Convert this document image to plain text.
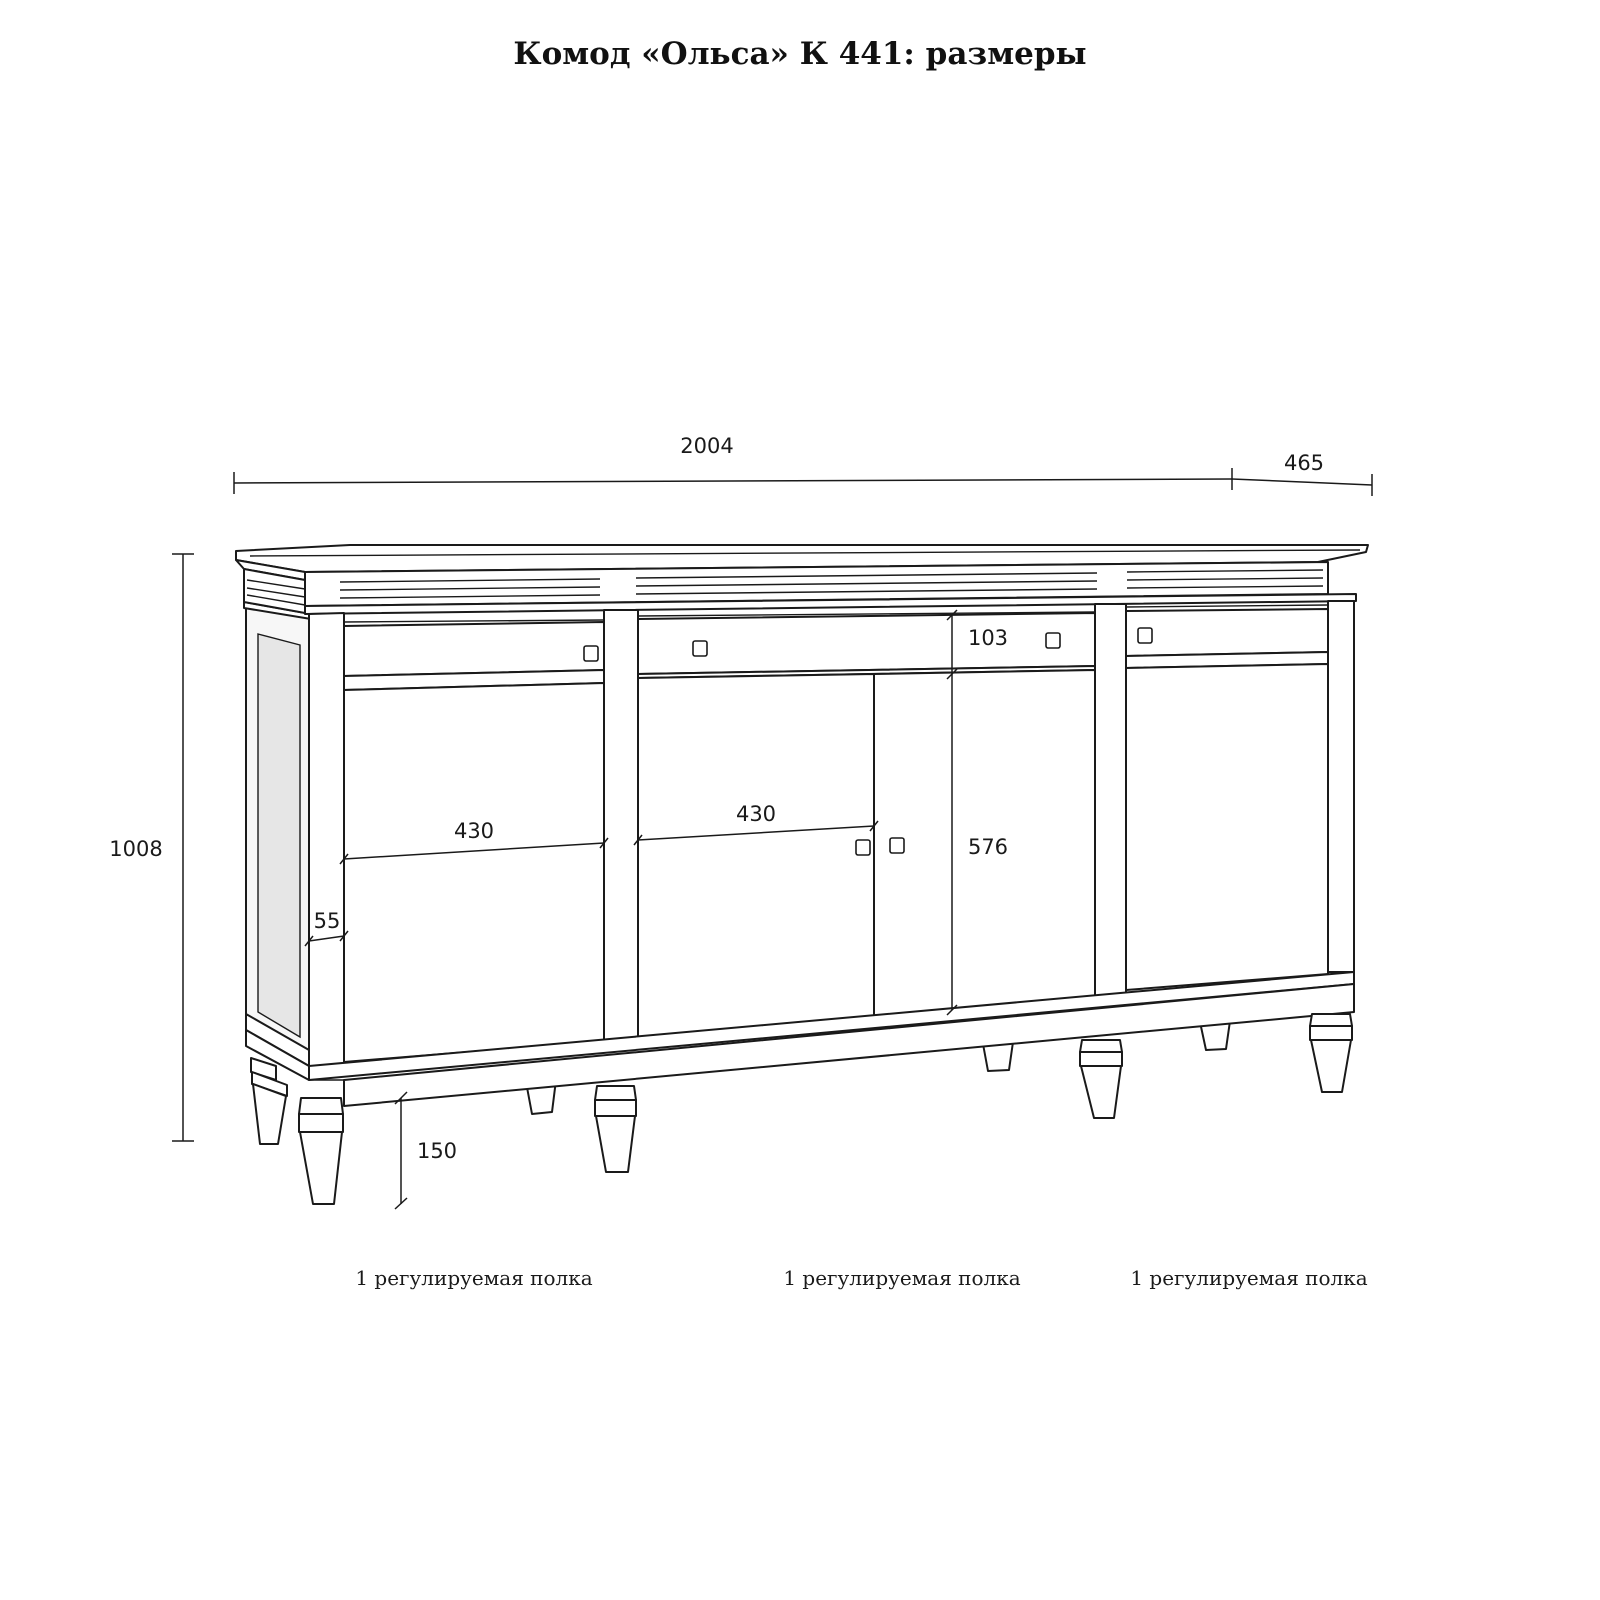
Комод «Ольса» К 441: размеры
2004
465
1008
103
430
430
576
55
150
1 регулируемая полка	1 регулируемая полка	1 регулируемая полка
